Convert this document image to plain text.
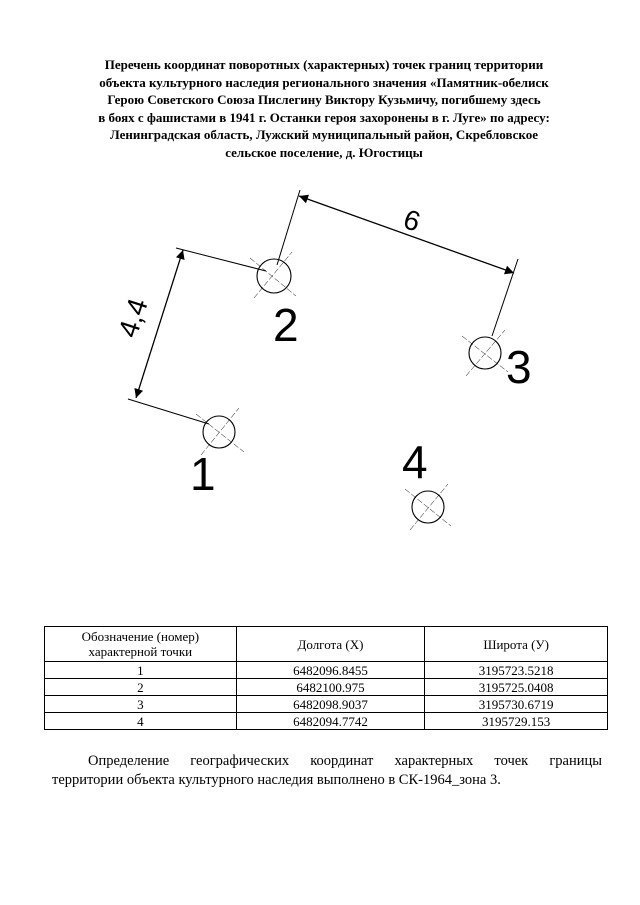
Перечень координат поворотных (характерных) точек границ территории
объекта культурного наследия регионального значения «Памятник-обелиск
Герою Советского Союза Пислегину Виктору Кузьмичу, погибшему здесь
в боях с фашистами в 1941 г. Останки героя захоронены в г. Луге» по адресу:
Ленинградская область, Лужский муниципальный район, Скребловское
сельское поселение, д. Югостицы
1
2
3
4
4,4
6
Обозначение (номер) характерной точки	Долгота (X)	Широта (У)
1	6482096.8455	3195723.5218
2	6482100.975	3195725.0408
3	6482098.9037	3195730.6719
4	6482094.7742	3195729.153

Определение географических координат характерных точек границы
территории объекта культурного наследия выполнено в СК-1964_зона 3.
